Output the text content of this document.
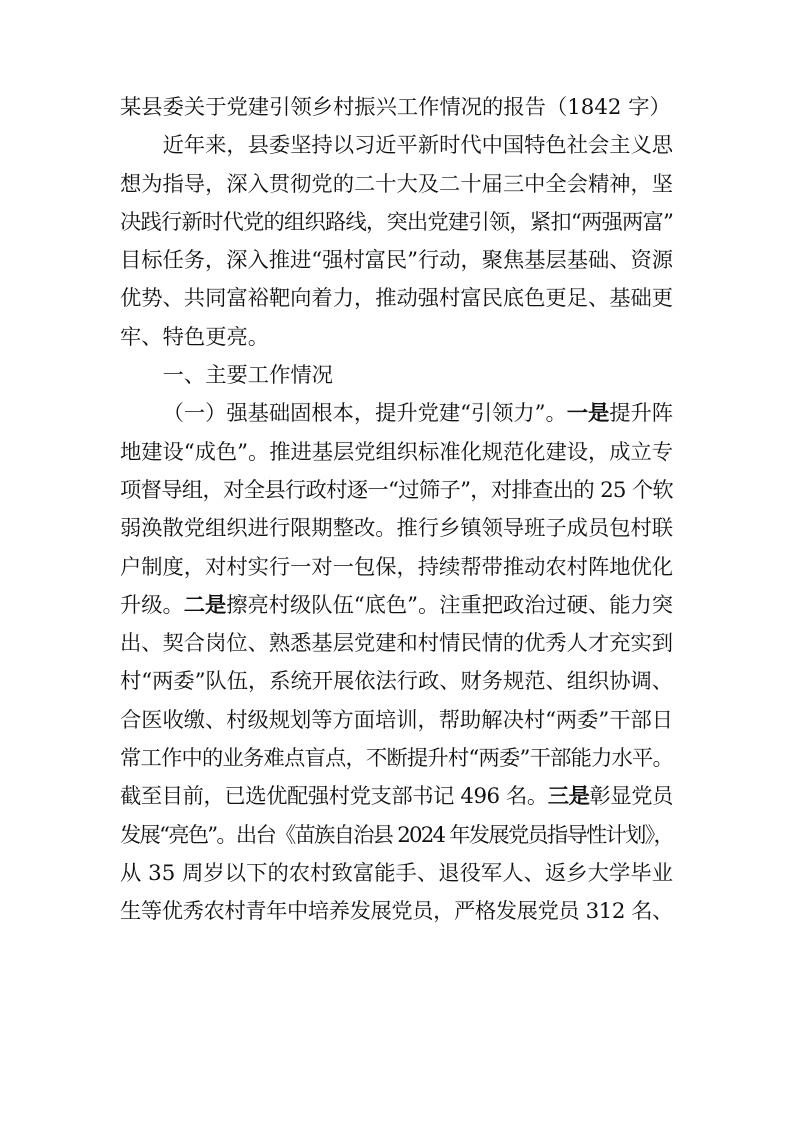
某县委关于党建引领乡村振兴工作情况的报告（1842 字）
近年来，县委坚持以习近平新时代中国特色社会主义思
想为指导，深入贯彻党的二十大及二十届三中全会精神，坚
决践行新时代党的组织路线，突出党建引领，紧扣“两强两富”
目标任务，深入推进“强村富民”行动，聚焦基层基础、资源
优势、共同富裕靶向着力，推动强村富民底色更足、基础更
牢、特色更亮。
一、主要工作情况
（一）强基础固根本，提升党建“引领力”。一是提升阵
地建设“成色”。推进基层党组织标准化规范化建设，成立专
项督导组，对全县行政村逐一“过筛子”，对排查出的 25 个软
弱涣散党组织进行限期整改。推行乡镇领导班子成员包村联
户制度，对村实行一对一包保，持续帮带推动农村阵地优化
升级。二是擦亮村级队伍“底色”。注重把政治过硬、能力突
出、契合岗位、熟悉基层党建和村情民情的优秀人才充实到
村“两委”队伍，系统开展依法行政、财务规范、组织协调、
合医收缴、村级规划等方面培训，帮助解决村“两委”干部日
常工作中的业务难点盲点，不断提升村“两委”干部能力水平。
截至目前，已选优配强村党支部书记 496 名。三是彰显党员
发展“亮色”。出台《苗族自治县 2024 年发展党员指导性计划》，
从 35 周岁以下的农村致富能手、退役军人、返乡大学毕业
生等优秀农村青年中培养发展党员，严格发展党员 312 名、
